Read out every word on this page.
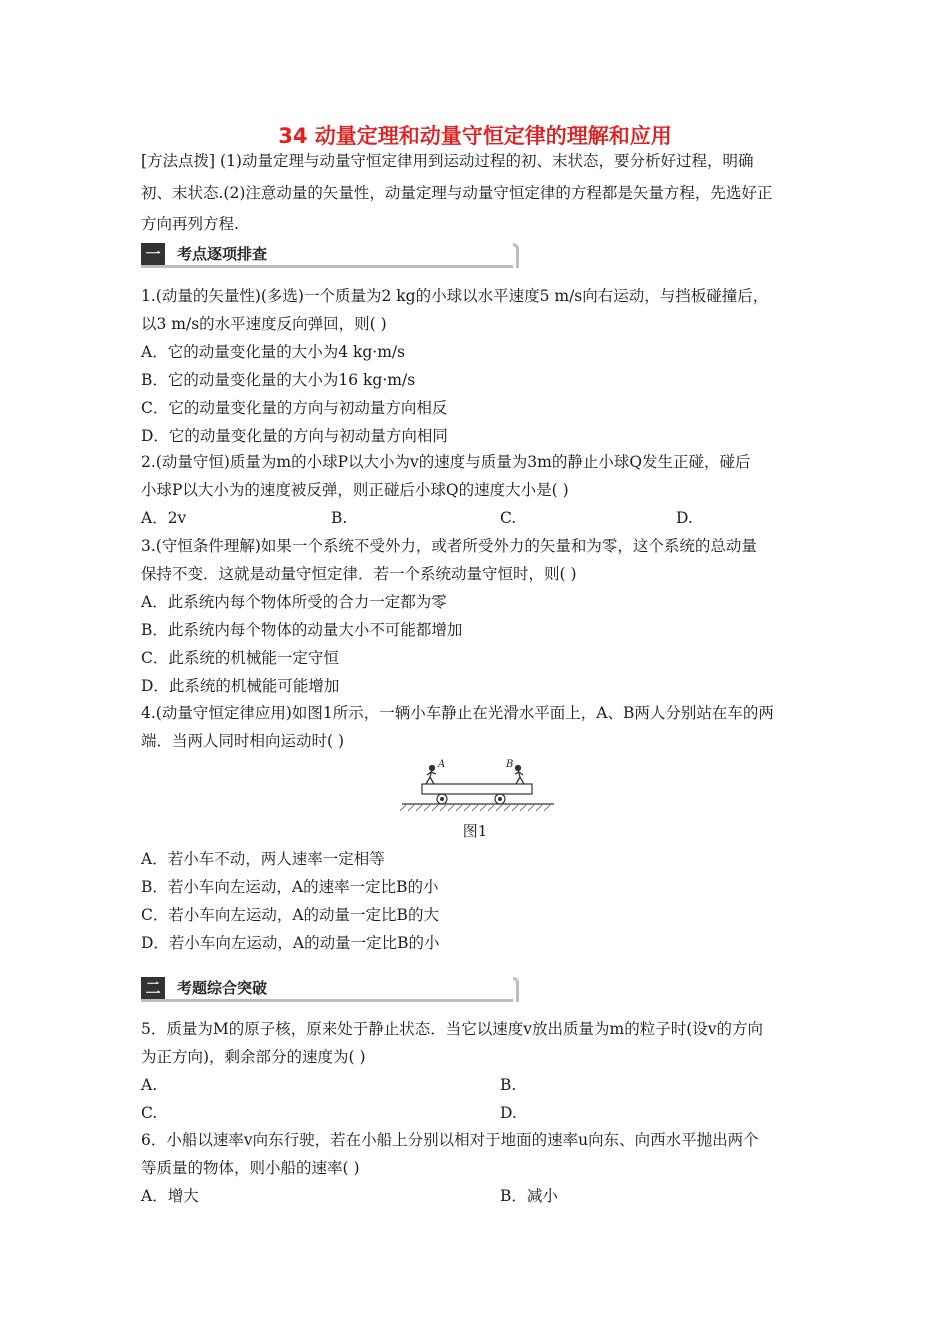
34 动量定理和动量守恒定律的理解和应用
[方法点拨] (1)动量定理与动量守恒定律用到运动过程的初、末状态，要分析好过程，明确
初、末状态.(2)注意动量的矢量性，动量定理与动量守恒定律的方程都是矢量方程，先选好正
方向再列方程.
一	考点逐项排查
1.(动量的矢量性)(多选)一个质量为2 kg的小球以水平速度5 m/s向右运动，与挡板碰撞后，
以3 m/s的水平速度反向弹回，则( )
A．它的动量变化量的大小为4 kg·m/s
B．它的动量变化量的大小为16 kg·m/s
C．它的动量变化量的方向与初动量方向相反
D．它的动量变化量的方向与初动量方向相同
2.(动量守恒)质量为m的小球P以大小为v的速度与质量为3m的静止小球Q发生正碰，碰后
小球P以大小为的速度被反弹，则正碰后小球Q的速度大小是( )
A．2v	B.	C.	D.
3.(守恒条件理解)如果一个系统不受外力，或者所受外力的矢量和为零，这个系统的总动量
保持不变．这就是动量守恒定律．若一个系统动量守恒时，则( )
A．此系统内每个物体所受的合力一定都为零
B．此系统内每个物体的动量大小不可能都增加
C．此系统的机械能一定守恒
D．此系统的机械能可能增加
4.(动量守恒定律应用)如图1所示，一辆小车静止在光滑水平面上，A、B两人分别站在车的两
端．当两人同时相向运动时( )
A	B
图1
A．若小车不动，两人速率一定相等
B．若小车向左运动，A的速率一定比B的小
C．若小车向左运动，A的动量一定比B的大
D．若小车向左运动，A的动量一定比B的小
二	考题综合突破
5．质量为M的原子核，原来处于静止状态．当它以速度v放出质量为m的粒子时(设v的方向
为正方向)，剩余部分的速度为( )
A.	B.
C.	D.
6．小船以速率v向东行驶，若在小船上分别以相对于地面的速率u向东、向西水平抛出两个
等质量的物体，则小船的速率( )
A．增大	B．减小
